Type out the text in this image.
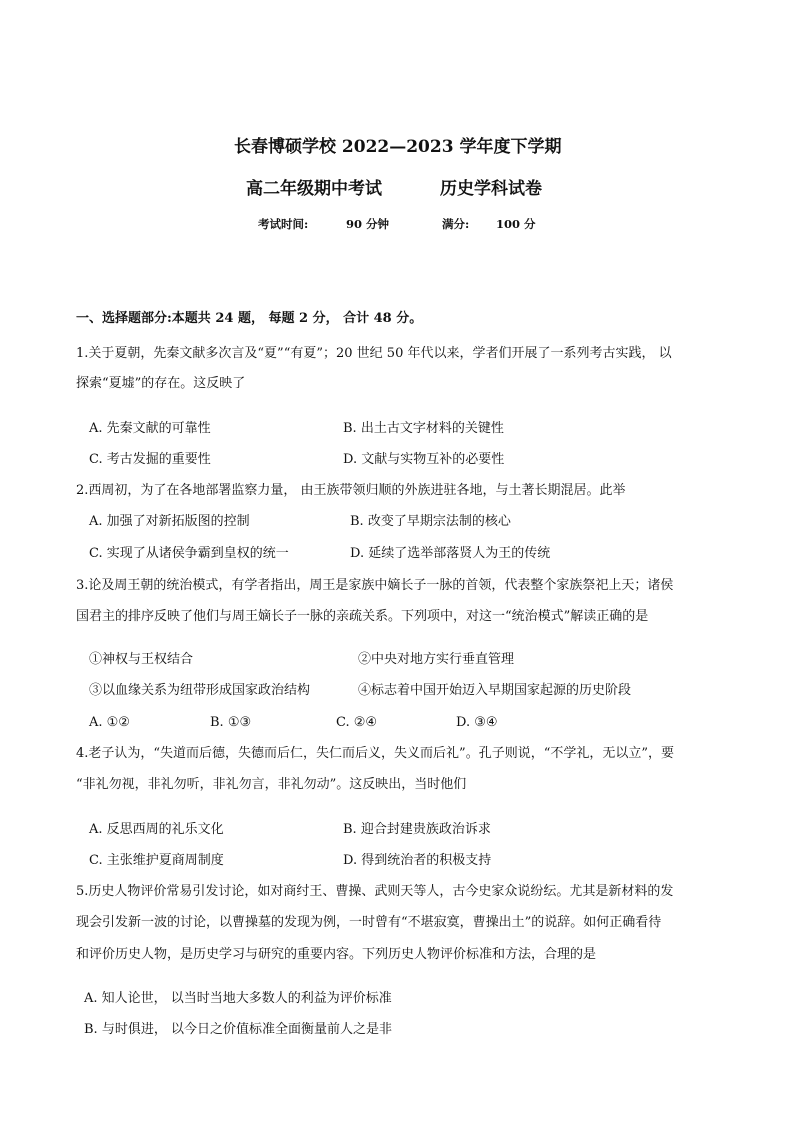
长春博硕学校 2022—2023 学年度下学期
高二年级期中考试	历史学科试卷
考试时间:	90 分钟	满分: 100 分
一、选择题部分:本题共 24 题， 每题 2 分， 合计 48 分。
1.关于夏朝，先秦文献多次言及“夏”“有夏”；20 世纪 50 年代以来，学者们开展了一系列考古实践， 以
探索“夏墟”的存在。这反映了
A. 先秦文献的可靠性	B. 出土古文字材料的关键性
C. 考古发掘的重要性	D. 文献与实物互补的必要性
2.西周初，为了在各地部署监察力量， 由王族带领归顺的外族进驻各地，与土著长期混居。此举
A. 加强了对新拓版图的控制	B. 改变了早期宗法制的核心
C. 实现了从诸侯争霸到皇权的统一	D. 延续了选举部落贤人为王的传统
3.论及周王朝的统治模式，有学者指出，周王是家族中嫡长子一脉的首领，代表整个家族祭祀上天；诸侯
国君主的排序反映了他们与周王嫡长子一脉的亲疏关系。下列项中，对这一“统治模式”解读正确的是
①神权与王权结合	②中央对地方实行垂直管理
③以血缘关系为纽带形成国家政治结构	④标志着中国开始迈入早期国家起源的历史阶段
A. ①②	B. ①③	C. ②④	D. ③④
4.老子认为，“失道而后德，失德而后仁，失仁而后义，失义而后礼”。孔子则说，“不学礼，无以立”，要
“非礼勿视，非礼勿听，非礼勿言，非礼勿动”。这反映出，当时他们
A. 反思西周的礼乐文化	B. 迎合封建贵族政治诉求
C. 主张维护夏商周制度	D. 得到统治者的积极支持
5.历史人物评价常易引发讨论，如对商纣王、曹操、武则天等人，古今史家众说纷纭。尤其是新材料的发
现会引发新一波的讨论，以曹操墓的发现为例，一时曾有“不堪寂寞，曹操出土”的说辞。如何正确看待
和评价历史人物，是历史学习与研究的重要内容。下列历史人物评价标准和方法，合理的是
A. 知人论世， 以当时当地大多数人的利益为评价标准
B. 与时俱进， 以今日之价值标准全面衡量前人之是非
